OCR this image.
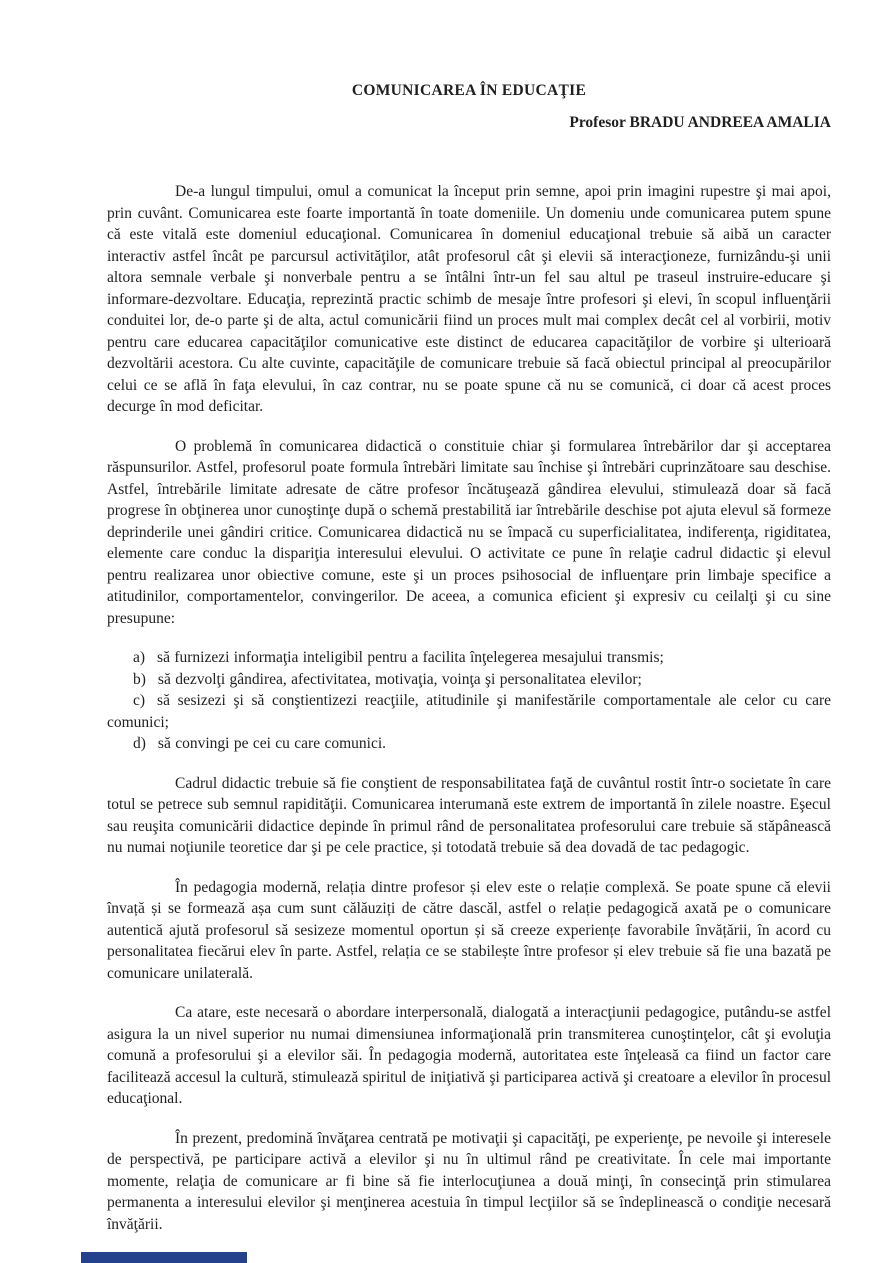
COMUNICAREA ÎN EDUCAŢIE

Profesor BRADU ANDREEA AMALIA

De-a lungul timpului, omul a comunicat la început prin semne, apoi prin imagini rupestre şi mai apoi, prin cuvânt. Comunicarea este foarte importantă în toate domeniile. Un domeniu unde comunicarea putem spune că este vitală este domeniul educaţional. Comunicarea în domeniul educaţional trebuie să aibă un caracter interactiv astfel încât pe parcursul activităţilor, atât profesorul cât şi elevii să interacţioneze, furnizându-şi unii altora semnale verbale şi nonverbale pentru a se întâlni într-un fel sau altul pe traseul instruire-educare şi informare-dezvoltare. Educaţia, reprezintă practic schimb de mesaje între profesori şi elevi, în scopul influenţării conduitei lor, de-o parte şi de alta, actul comunicării fiind un proces mult mai complex decât cel al vorbirii, motiv pentru care educarea capacităţilor comunicative este distinct de educarea capacităţilor de vorbire şi ulterioară dezvoltării acestora. Cu alte cuvinte, capacităţile de comunicare trebuie să facă obiectul principal al preocupărilor celui ce se află în faţa elevului, în caz contrar, nu se poate spune că nu se comunică, ci doar că acest proces decurge în mod deficitar.

O problemă în comunicarea didactică o constituie chiar şi formularea întrebărilor dar şi acceptarea răspunsurilor. Astfel, profesorul poate formula întrebări limitate sau închise şi întrebări cuprinzătoare sau deschise. Astfel, întrebările limitate adresate de către profesor încătuşează gândirea elevului, stimulează doar să facă progrese în obţinerea unor cunoştinţe după o schemă prestabilită iar întrebările deschise pot ajuta elevul să formeze deprinderile unei gândiri critice. Comunicarea didactică nu se împacă cu superficialitatea, indiferenţa, rigiditatea, elemente care conduc la dispariţia interesului elevului. O activitate ce pune în relaţie cadrul didactic şi elevul pentru realizarea unor obiective comune, este şi un proces psihosocial de influenţare prin limbaje specifice a atitudinilor, comportamentelor, convingerilor. De aceea, a comunica eficient şi expresiv cu ceilalţi şi cu sine presupune:

a) să furnizezi informaţia inteligibil pentru a facilita înţelegerea mesajului transmis;

b) să dezvolţi gândirea, afectivitatea, motivaţia, voinţa şi personalitatea elevilor;

c) să sesizezi şi să conştientizezi reacţiile, atitudinile şi manifestările comportamentale ale celor cu care comunici;

d) să convingi pe cei cu care comunici.

Cadrul didactic trebuie să fie conştient de responsabilitatea faţă de cuvântul rostit într-o societate în care totul se petrece sub semnul rapidităţii. Comunicarea interumană este extrem de importantă în zilele noastre. Eşecul sau reuşita comunicării didactice depinde în primul rând de personalitatea profesorului care trebuie să stăpânească nu numai noţiunile teoretice dar şi pe cele practice, și totodată trebuie să dea dovadă de tac pedagogic.

În pedagogia modernă, relația dintre profesor și elev este o relație complexă. Se poate spune că elevii învață și se formează așa cum sunt călăuziți de către dascăl, astfel o relație pedagogică axată pe o comunicare autentică ajută profesorul să sesizeze momentul oportun și să creeze experiențe favorabile învățării, în acord cu personalitatea fiecărui elev în parte. Astfel, relația ce se stabilește între profesor și elev trebuie să fie una bazată pe comunicare unilaterală.

Ca atare, este necesară o abordare interpersonală, dialogată a interacţiunii pedagogice, putându-se astfel asigura la un nivel superior nu numai dimensiunea informaţională prin transmiterea cunoştinţelor, cât şi evoluţia comună a profesorului şi a elevilor săi. În pedagogia modernă, autoritatea este înţeleasă ca fiind un factor care facilitează accesul la cultură, stimulează spiritul de iniţiativă şi participarea activă şi creatoare a elevilor în procesul educaţional.

În prezent, predomină învăţarea centrată pe motivaţii şi capacităţi, pe experienţe, pe nevoile şi interesele de perspectivă, pe participare activă a elevilor şi nu în ultimul rând pe creativitate. În cele mai importante momente, relaţia de comunicare ar fi bine să fie interlocuţiunea a două minţi, în consecinţă prin stimularea permanenta a interesului elevilor şi menţinerea acestuia în timpul lecţiilor să se îndeplinească o condiţie necesară învăţării.
